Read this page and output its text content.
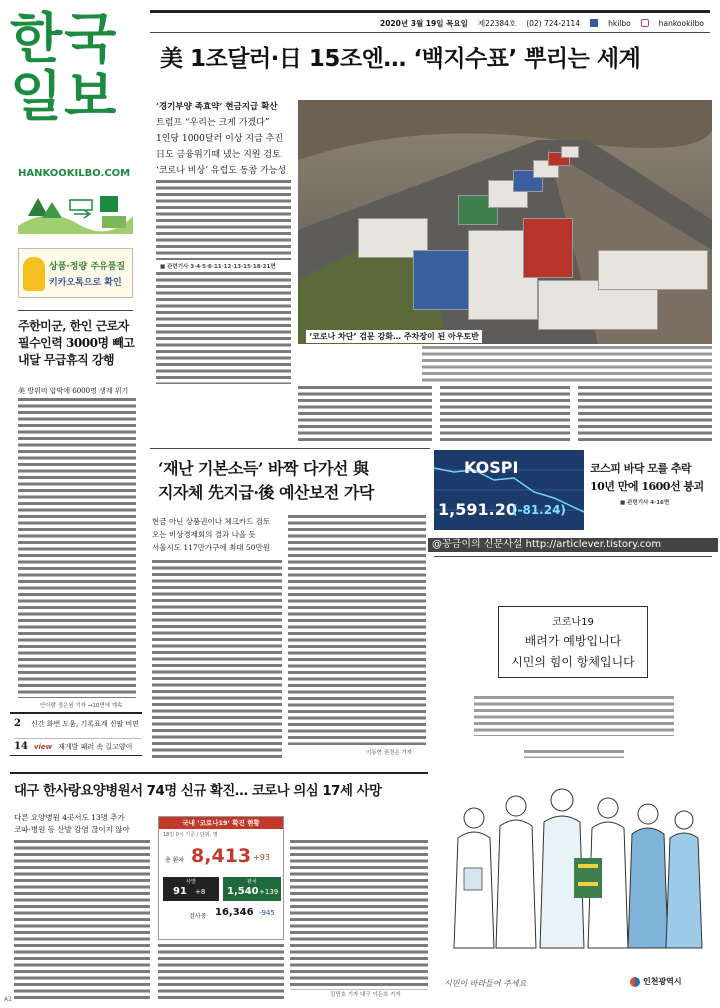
한국
일보
HANKOOKILBO.COM
상품·정량 주유품질
키카오톡으로 확인
2020년 3월 19일 목요일 제22384호 (02) 724-2114	hkilbo	hankookilbo
美 1조달러·日 15조엔… ‘백지수표’ 뿌리는 세계
‘경기부양 족효약’ 현금지급 확산
트럼프 “우리는 크게 가겠다”
1인당 1000달러 이상 지급 추진
日도 금융위기때 냈는 지원 검토
‘코로나 비상’ 유럽도 동참 가능성
■ 관련기사 3·4·5·6·11·12·13·15·18·21면
‘코로나 차단’ 검문 강화… 주차장이 된 아우토반
주한미군, 한인 근로자 필수인력 3000명 빼고 내달 무급휴직 강행
美 방위비 압박에 6000명 생계 위기
안아람 정은원 기자 →10면에 계속
2 신간 화번 도움, 기록표계 신팔 비편
14 view 재개발 패러 속 길고양이
‘재난 기본소득’ 바짝 다가선 與
지자체 先지급·後 예산보전 가닥
현금 아닌 상품권이나 체크카드 검토
오는 비상경제회의 결과 나올 듯
서울시도 117만가구에 최대 50만원
이동현 권경은 기자
KOSPI
1,591.20
(-81.24)
코스피 바닥 모를 추락
10년 만에 1600선 붕괴
■ 관련기사 4·16면
@꽁금이의 신문사설 http://articlever.tistory.com
코로나19
배려가 예방입니다
시민의 힘이 항체입니다
시민이 바라들어 주세요	인천광역시
대구 한사랑요양병원서 74명 신규 확진… 코로나 의심 17세 사망
다른 요양병원 4곳서도 13명 추가
코파·병원 등 산발 감염 끊이지 않아
국내 ‘코로나19’ 확진 현황
18일 0시 기준 / 단위: 명
총 환자 8,413 +93
사망
91 +8
완치
1,540 +139
검사중 16,346 -945
김민호 기자 대구 이든호 기자
A2
